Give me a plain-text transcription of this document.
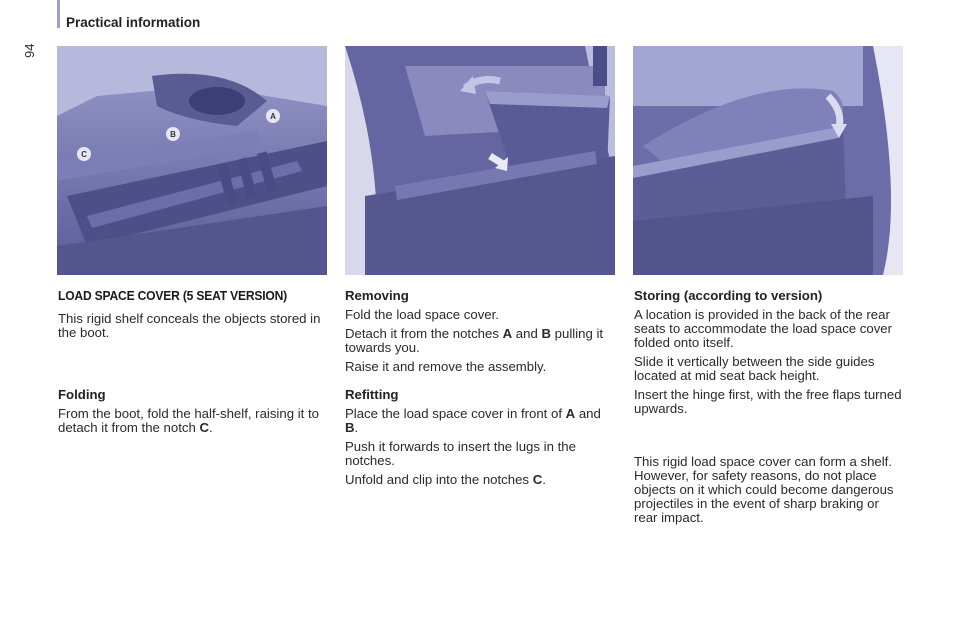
Practical information
94
A
B
C
LOAD SPACE COVER (5 SEAT VERSION)
This rigid shelf conceals the objects stored in the boot.
Folding
From the boot, fold the half-shelf, raising it to detach it from the notch C.
Removing
Fold the load space cover.
Detach it from the notches A and B pulling it towards you.
Raise it and remove the assembly.
Refitting
Place the load space cover in front of A and B.
Push it forwards to insert the lugs in the notches.
Unfold and clip into the notches C.
Storing (according to version)
A location is provided in the back of the rear seats to accommodate the load space cover folded onto itself.
Slide it vertically between the side guides located at mid seat back height.
Insert the hinge first, with the free flaps turned upwards.
This rigid load space cover can form a shelf. However, for safety reasons, do not place objects on it which could become dangerous projectiles in the event of sharp braking or rear impact.
